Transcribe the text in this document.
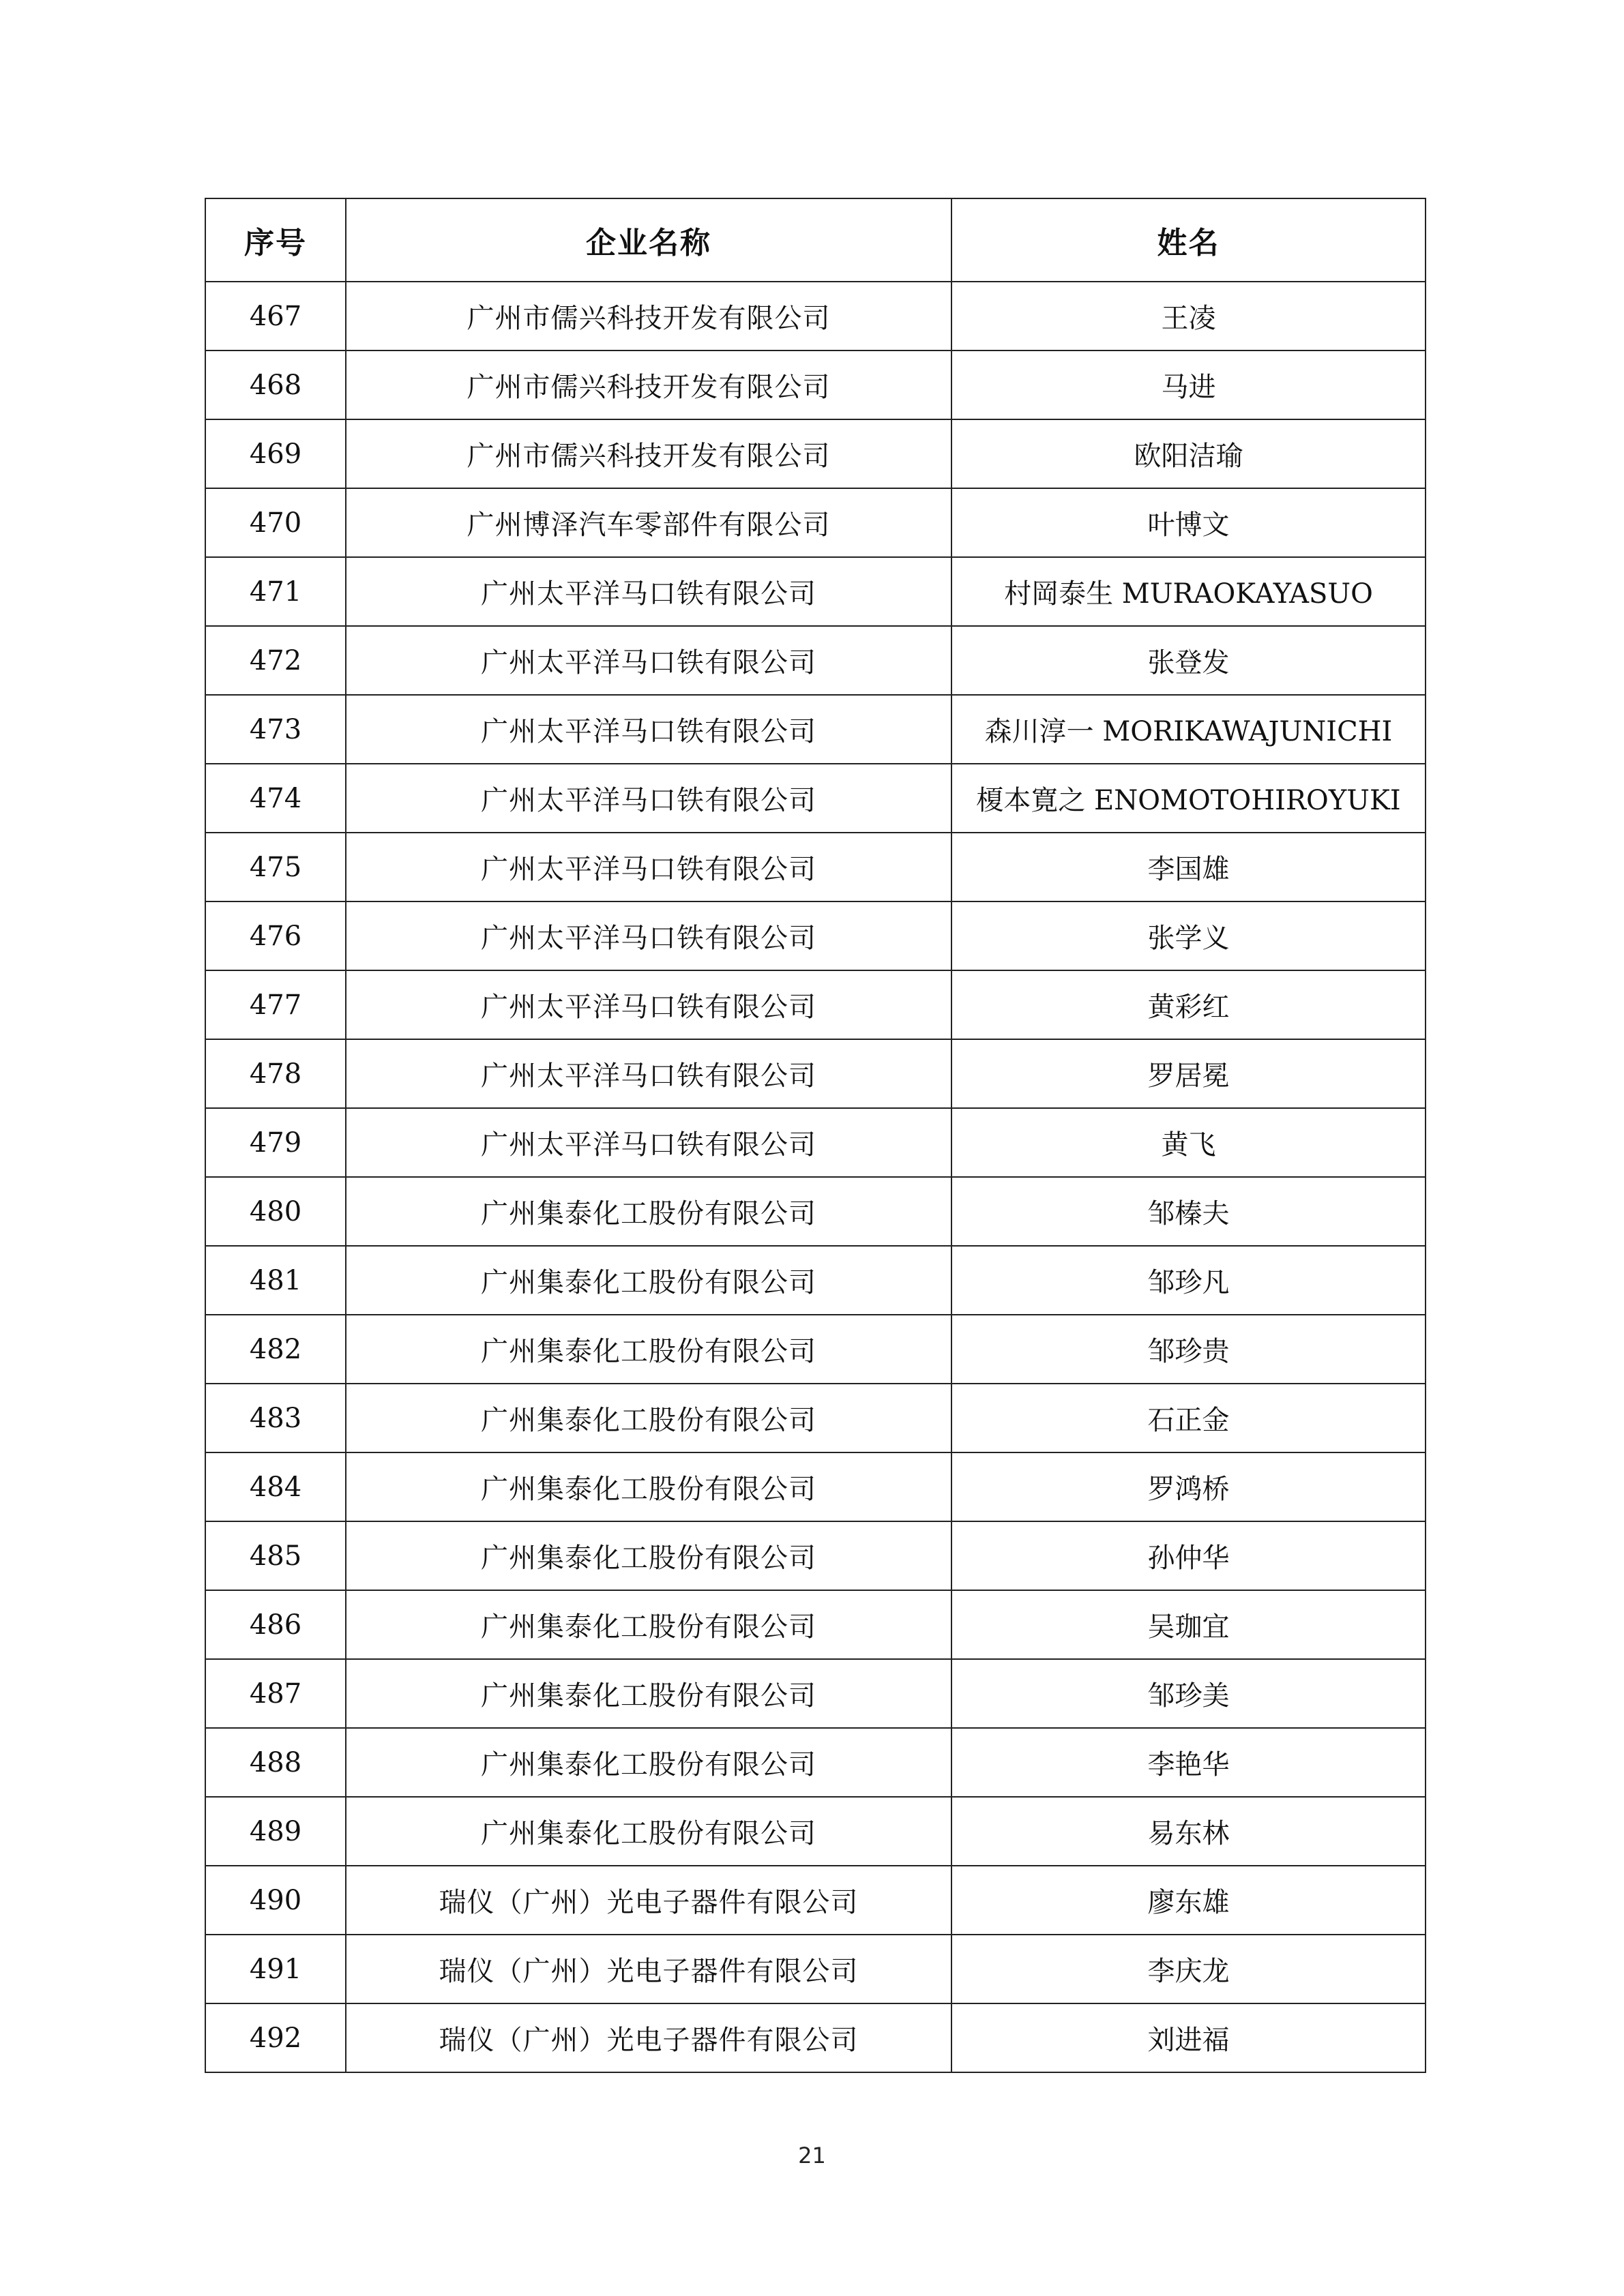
序号	企业名称	姓名
467	广州市儒兴科技开发有限公司	王凌
468	广州市儒兴科技开发有限公司	马进
469	广州市儒兴科技开发有限公司	欧阳洁瑜
470	广州博泽汽车零部件有限公司	叶博文
471	广州太平洋马口铁有限公司	村岡泰生 MURAOKAYASUO
472	广州太平洋马口铁有限公司	张登发
473	广州太平洋马口铁有限公司	森川淳一 MORIKAWAJUNICHI
474	广州太平洋马口铁有限公司	榎本寛之 ENOMOTOHIROYUKI
475	广州太平洋马口铁有限公司	李国雄
476	广州太平洋马口铁有限公司	张学义
477	广州太平洋马口铁有限公司	黄彩红
478	广州太平洋马口铁有限公司	罗居冕
479	广州太平洋马口铁有限公司	黄飞
480	广州集泰化工股份有限公司	邹榛夫
481	广州集泰化工股份有限公司	邹珍凡
482	广州集泰化工股份有限公司	邹珍贵
483	广州集泰化工股份有限公司	石正金
484	广州集泰化工股份有限公司	罗鸿桥
485	广州集泰化工股份有限公司	孙仲华
486	广州集泰化工股份有限公司	吴珈宜
487	广州集泰化工股份有限公司	邹珍美
488	广州集泰化工股份有限公司	李艳华
489	广州集泰化工股份有限公司	易东林
490	瑞仪（广州）光电子器件有限公司	廖东雄
491	瑞仪（广州）光电子器件有限公司	李庆龙
492	瑞仪（广州）光电子器件有限公司	刘进福
21
